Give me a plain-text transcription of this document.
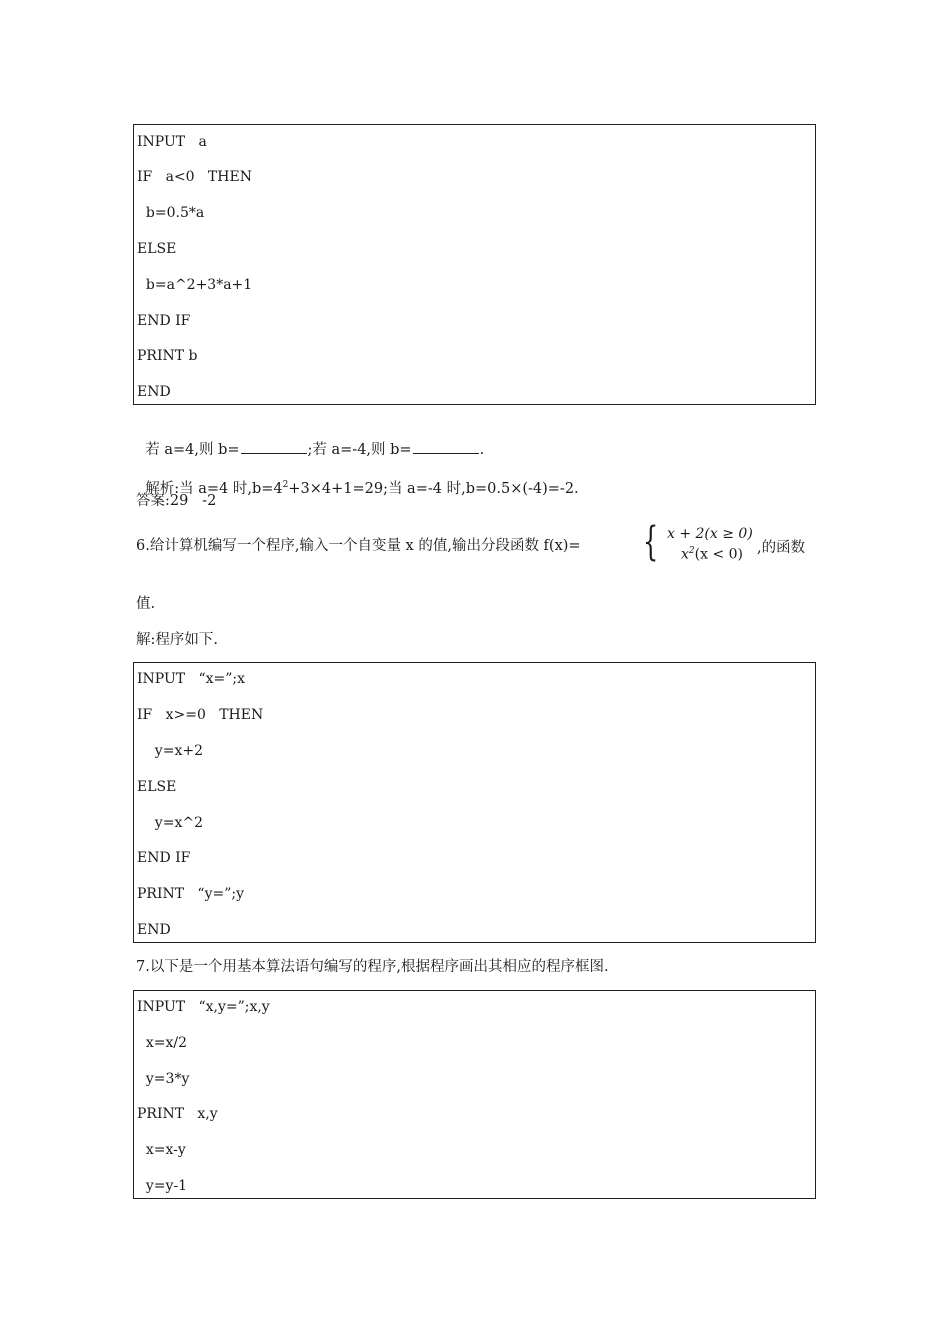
INPUT   a
IF   a<0   THEN
b=0.5*a
ELSE
b=a^2+3*a+1
END IF
PRINT b
END

若 a=4,则 b=	;若 a=-4,则 b=	.

解析:当 a=4 时$,b=4^2+3\times 4+1=29$;当 a=-4 时,b=0.5×(-4)=-2.

答案:29   -2
6.给计算机编写一个程序,输入一个自变量 x 的值,输出分段函数 f(x)= { x + 2(x ≥ 0)
$x^2(x < 0)$ ,的函数
值.
解:程序如下.
INPUT   “x=”;x
IF   x>=0   THEN
y=x+2
ELSE
y=x^2
END IF
PRINT   “y=”;y
END
7.以下是一个用基本算法语句编写的程序,根据程序画出其相应的程序框图.
INPUT   “x,y=”;x,y
x=x/2
y=3*y
PRINT   x,y
x=x-y
y=y-1
